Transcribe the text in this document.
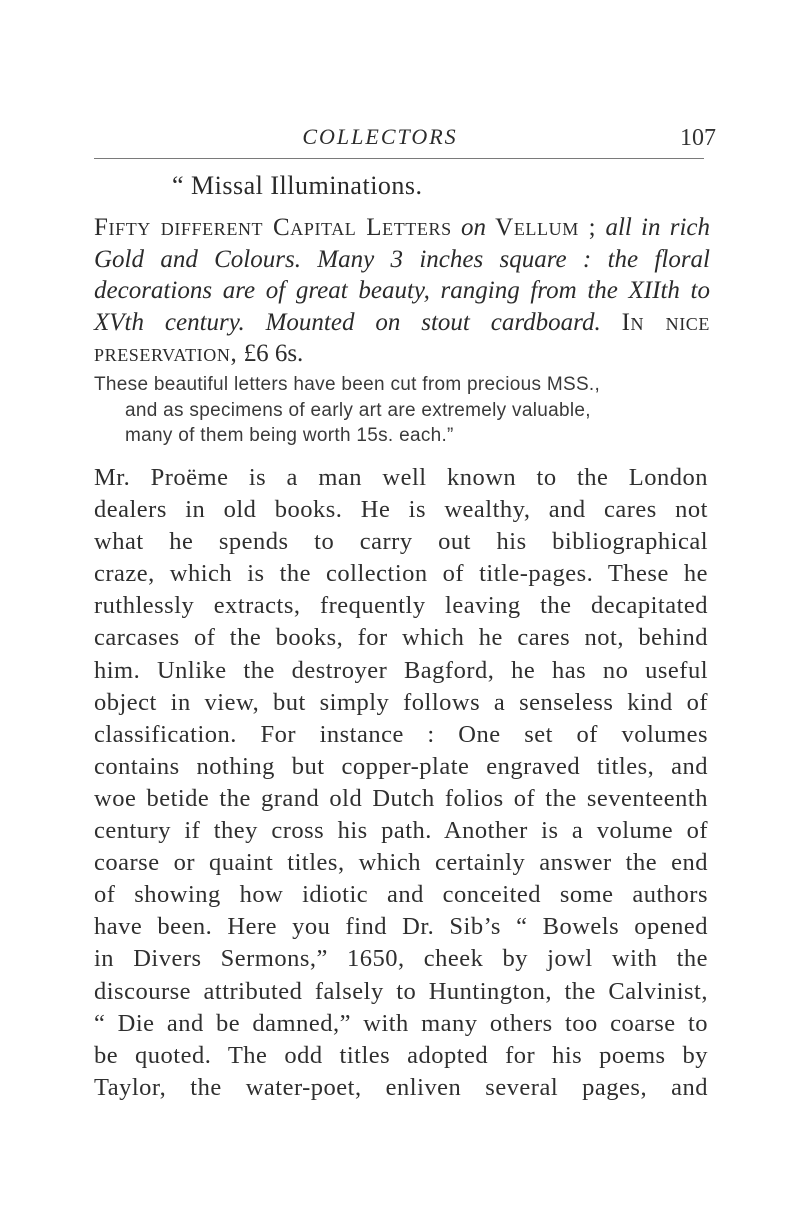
COLLECTORS	107
“ Missal Illuminations.

Fifty different Capital Letters on Vellum ; all in rich Gold and Colours. Many 3 inches square : the floral decorations are of great beauty, ranging from the XIIth to XVth century. Mounted on stout cardboard. In nice preservation, £6 6s.

These beautiful letters have been cut from precious MSS.,
and as specimens of early art are extremely valuable,
many of them being worth 15s. each.”

Mr. Proëme is a man well known to the London
dealers in old books. He is wealthy, and cares not
what he spends to carry out his bibliographical
craze, which is the collection of title-pages. These he
ruthlessly extracts, frequently leaving the decapitated
carcases of the books, for which he cares not, behind
him. Unlike the destroyer Bagford, he has no useful
object in view, but simply follows a senseless kind of
classification. For instance : One set of volumes
contains nothing but copper-plate engraved titles, and
woe betide the grand old Dutch folios of the seventeenth
century if they cross his path. Another is a volume of
coarse or quaint titles, which certainly answer the end
of showing how idiotic and conceited some authors
have been. Here you find Dr. Sib’s “ Bowels opened
in Divers Sermons,” 1650, cheek by jowl with the
discourse attributed falsely to Huntington, the Calvinist,
“ Die and be damned,” with many others too coarse to
be quoted. The odd titles adopted for his poems by
Taylor, the water-poet, enliven several pages, and
